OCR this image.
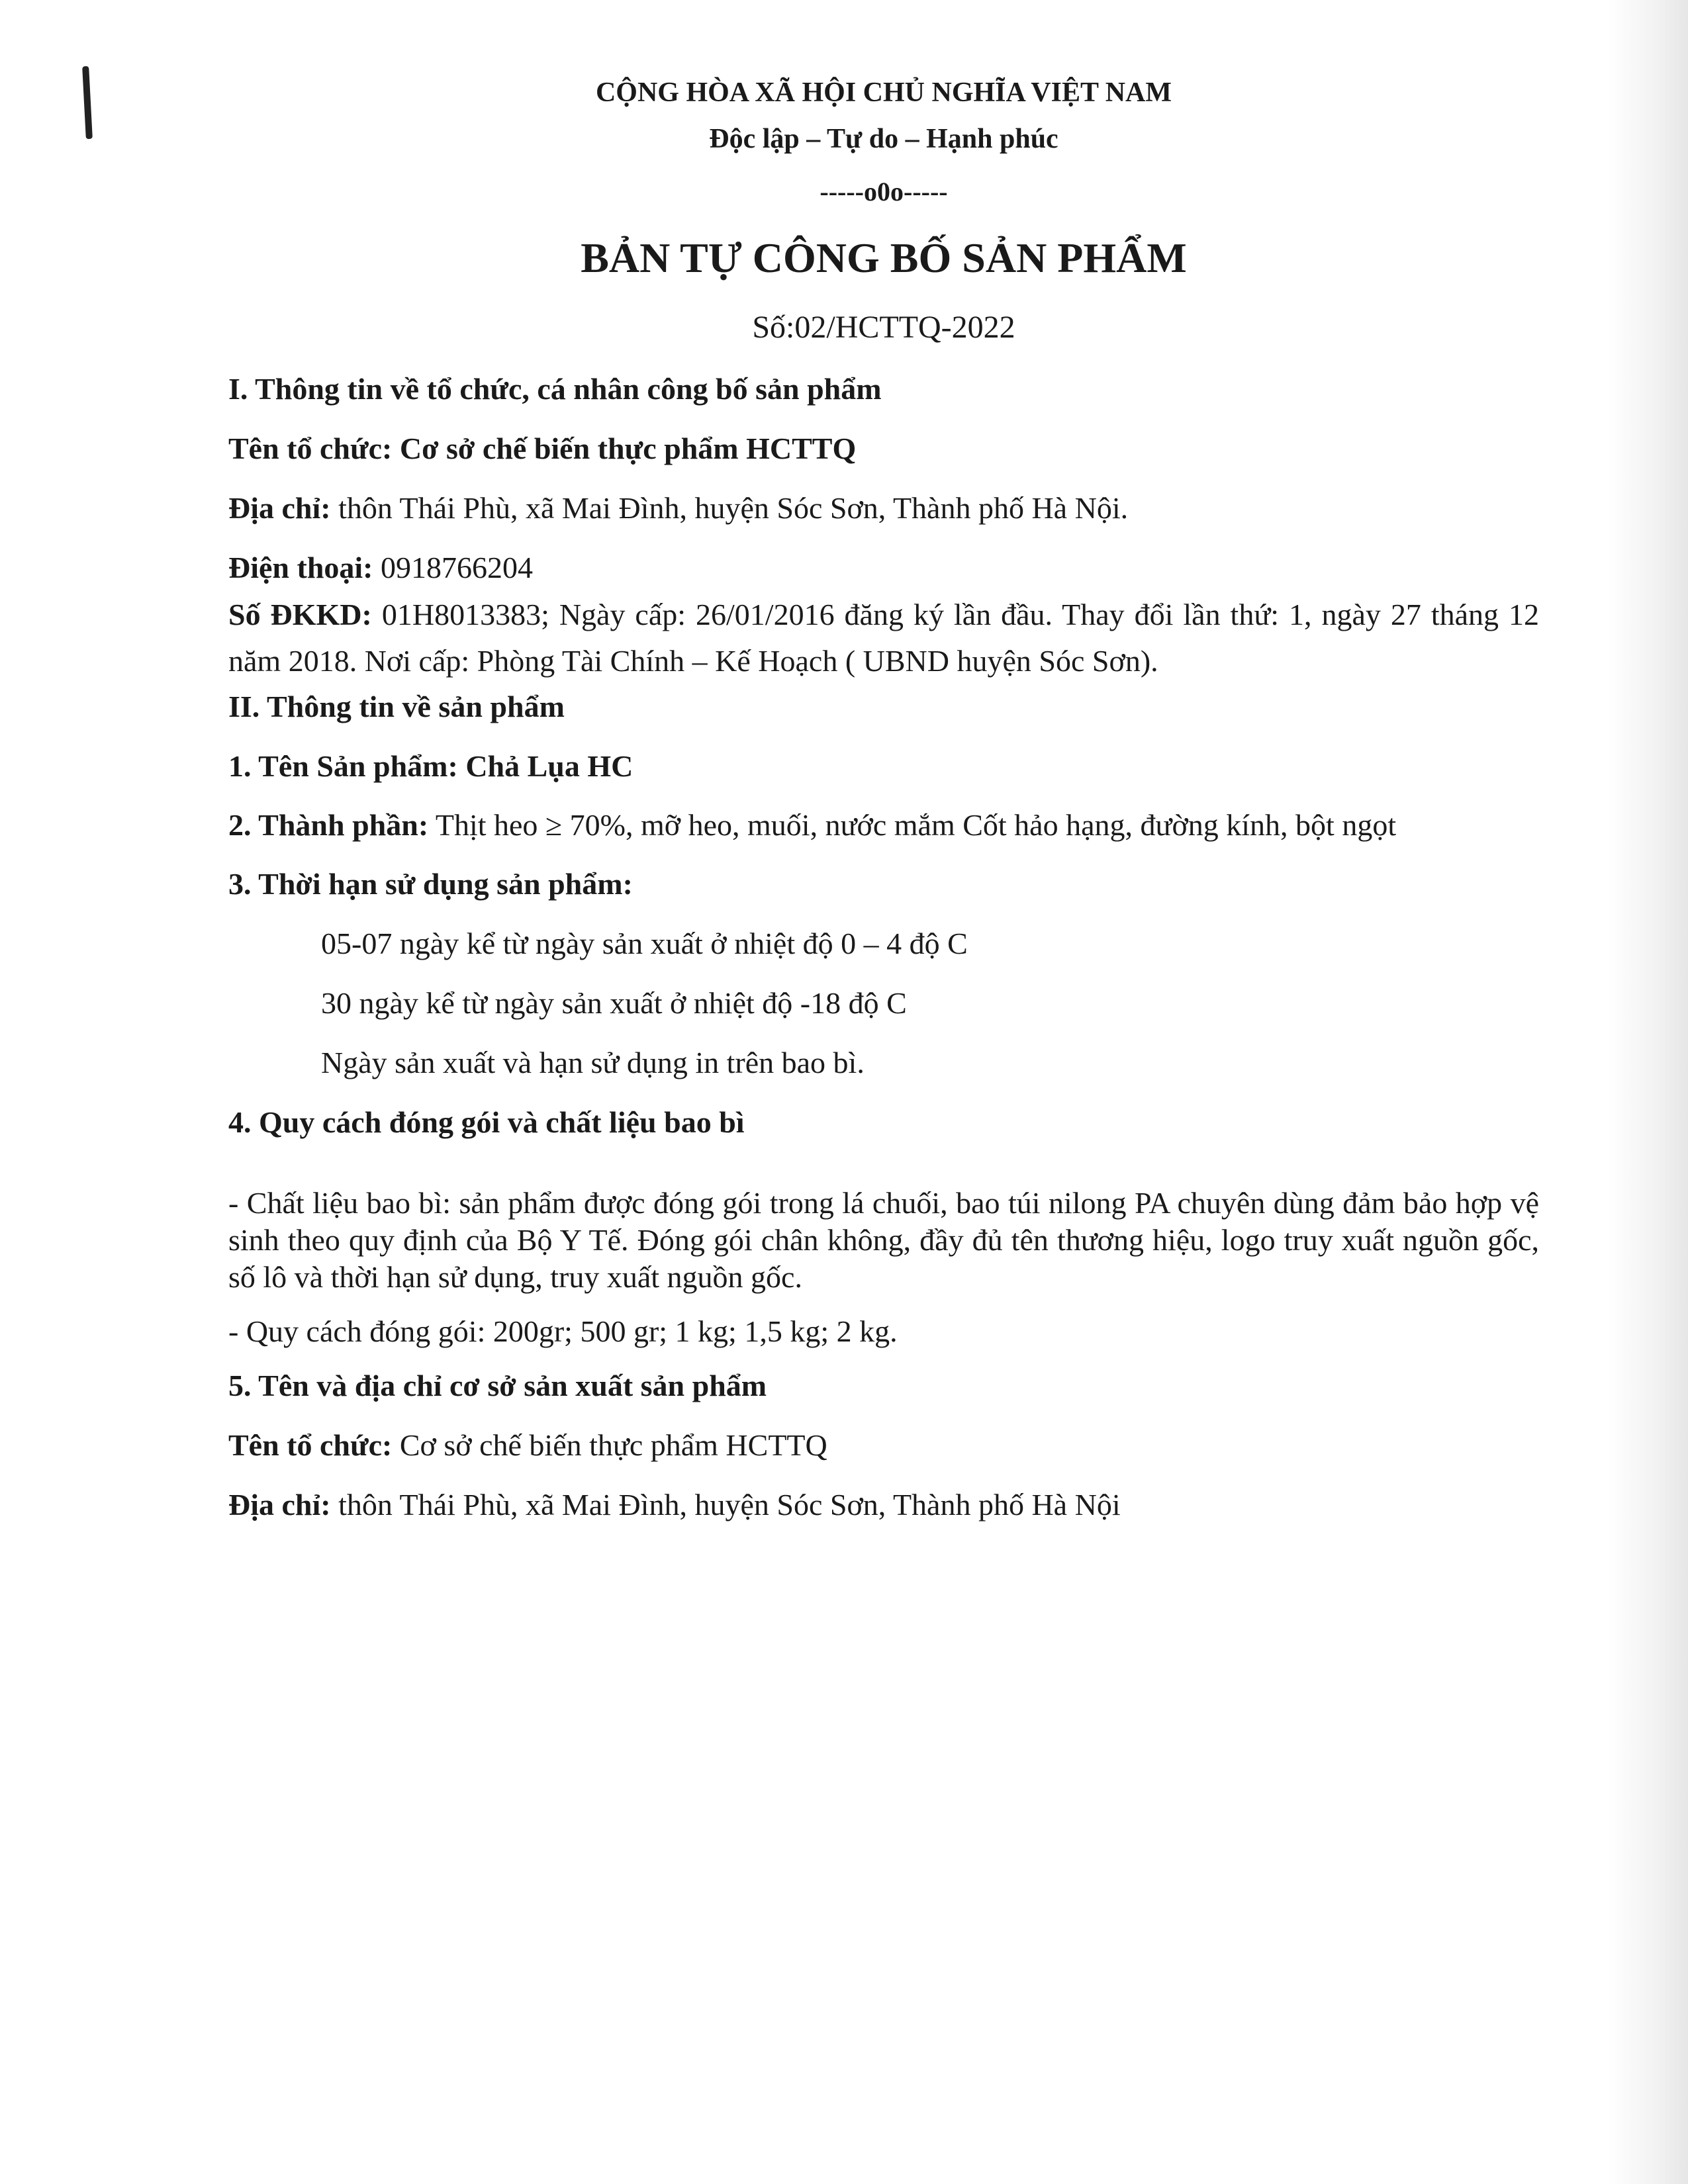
CỘNG HÒA XÃ HỘI CHỦ NGHĨA VIỆT NAM

Độc lập – Tự do – Hạnh phúc

-----o0o-----

BẢN TỰ CÔNG BỐ SẢN PHẨM

Số:02/HCTTQ-2022

I. Thông tin về tổ chức, cá nhân công bố sản phẩm

Tên tổ chức: Cơ sở chế biến thực phẩm HCTTQ

Địa chỉ: thôn Thái Phù, xã Mai Đình, huyện Sóc Sơn, Thành phố Hà Nội.

Điện thoại: 0918766204

Số ĐKKD: 01H8013383; Ngày cấp: 26/01/2016 đăng ký lần đầu. Thay đổi lần thứ: 1, ngày 27 tháng 12 năm 2018. Nơi cấp: Phòng Tài Chính – Kế Hoạch ( UBND huyện Sóc Sơn).

II. Thông tin về sản phẩm

1. Tên Sản phẩm: Chả Lụa HC

2. Thành phần: Thịt heo ≥ 70%, mỡ heo, muối, nước mắm Cốt hảo hạng, đường kính, bột ngọt

3. Thời hạn sử dụng sản phẩm:

05-07 ngày kể từ ngày sản xuất ở nhiệt độ 0 – 4 độ C

30 ngày kể từ ngày sản xuất ở nhiệt độ -18 độ C

Ngày sản xuất và hạn sử dụng in trên bao bì.

4. Quy cách đóng gói và chất liệu bao bì

- Chất liệu bao bì: sản phẩm được đóng gói trong lá chuối, bao túi nilong PA chuyên dùng đảm bảo hợp vệ sinh theo quy định của Bộ Y Tế. Đóng gói chân không, đầy đủ tên thương hiệu, logo truy xuất nguồn gốc, số lô và thời hạn sử dụng, truy xuất nguồn gốc.

- Quy cách đóng gói: 200gr; 500 gr; 1 kg; 1,5 kg; 2 kg.

5. Tên và địa chỉ cơ sở sản xuất sản phẩm

Tên tổ chức: Cơ sở chế biến thực phẩm HCTTQ

Địa chỉ: thôn Thái Phù, xã Mai Đình, huyện Sóc Sơn, Thành phố Hà Nội
